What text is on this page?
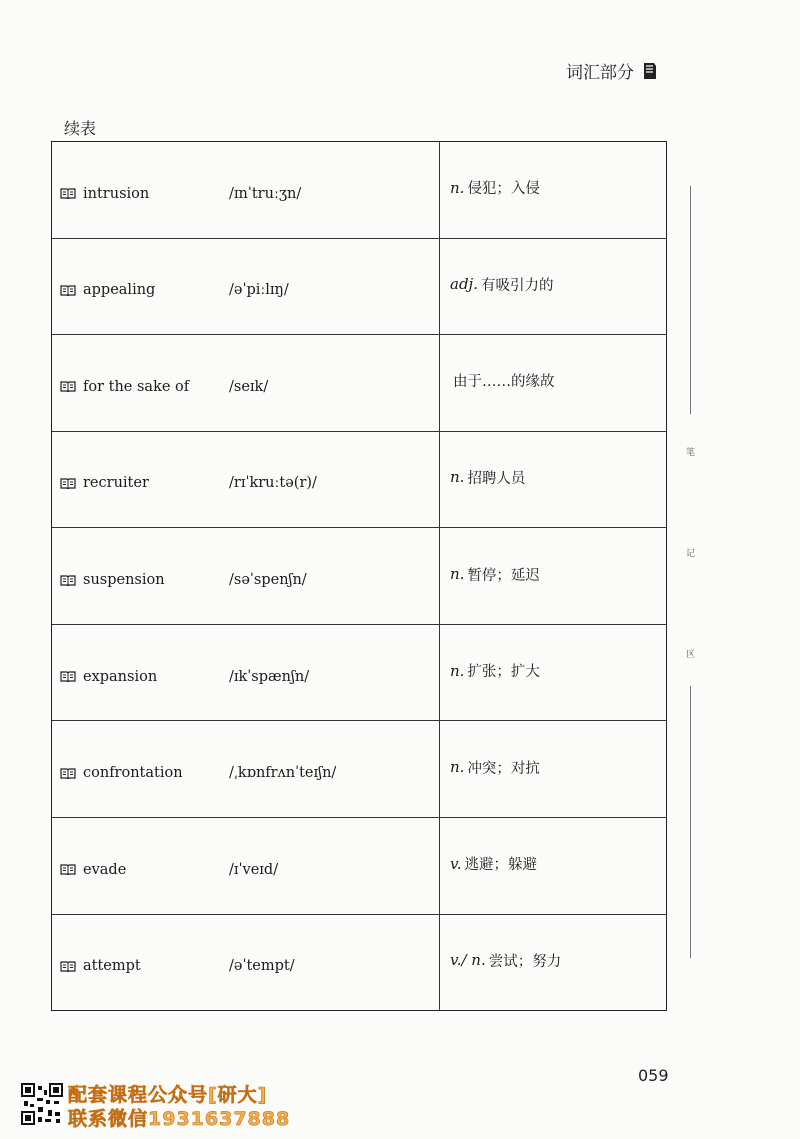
词汇部分
续表
intrusion	/ɪnˈtruːʒn/	n. 侵犯；入侵
appealing	/əˈpiːlɪŋ/	adj. 有吸引力的
for the sake of	/seɪk/	由于……的缘故
recruiter	/rɪˈkruːtə(r)/	n. 招聘人员
suspension	/səˈspenʃn/	n. 暂停；延迟
expansion	/ɪkˈspænʃn/	n. 扩张；扩大
confrontation	/ˌkɒnfrʌnˈteɪʃn/	n. 冲突；对抗
evade	/ɪˈveɪd/	v. 逃避；躲避
attempt	/əˈtempt/	v./ n. 尝试；努力
笔
记
区
059
配套课程公众号[研大]
联系微信1931637888
